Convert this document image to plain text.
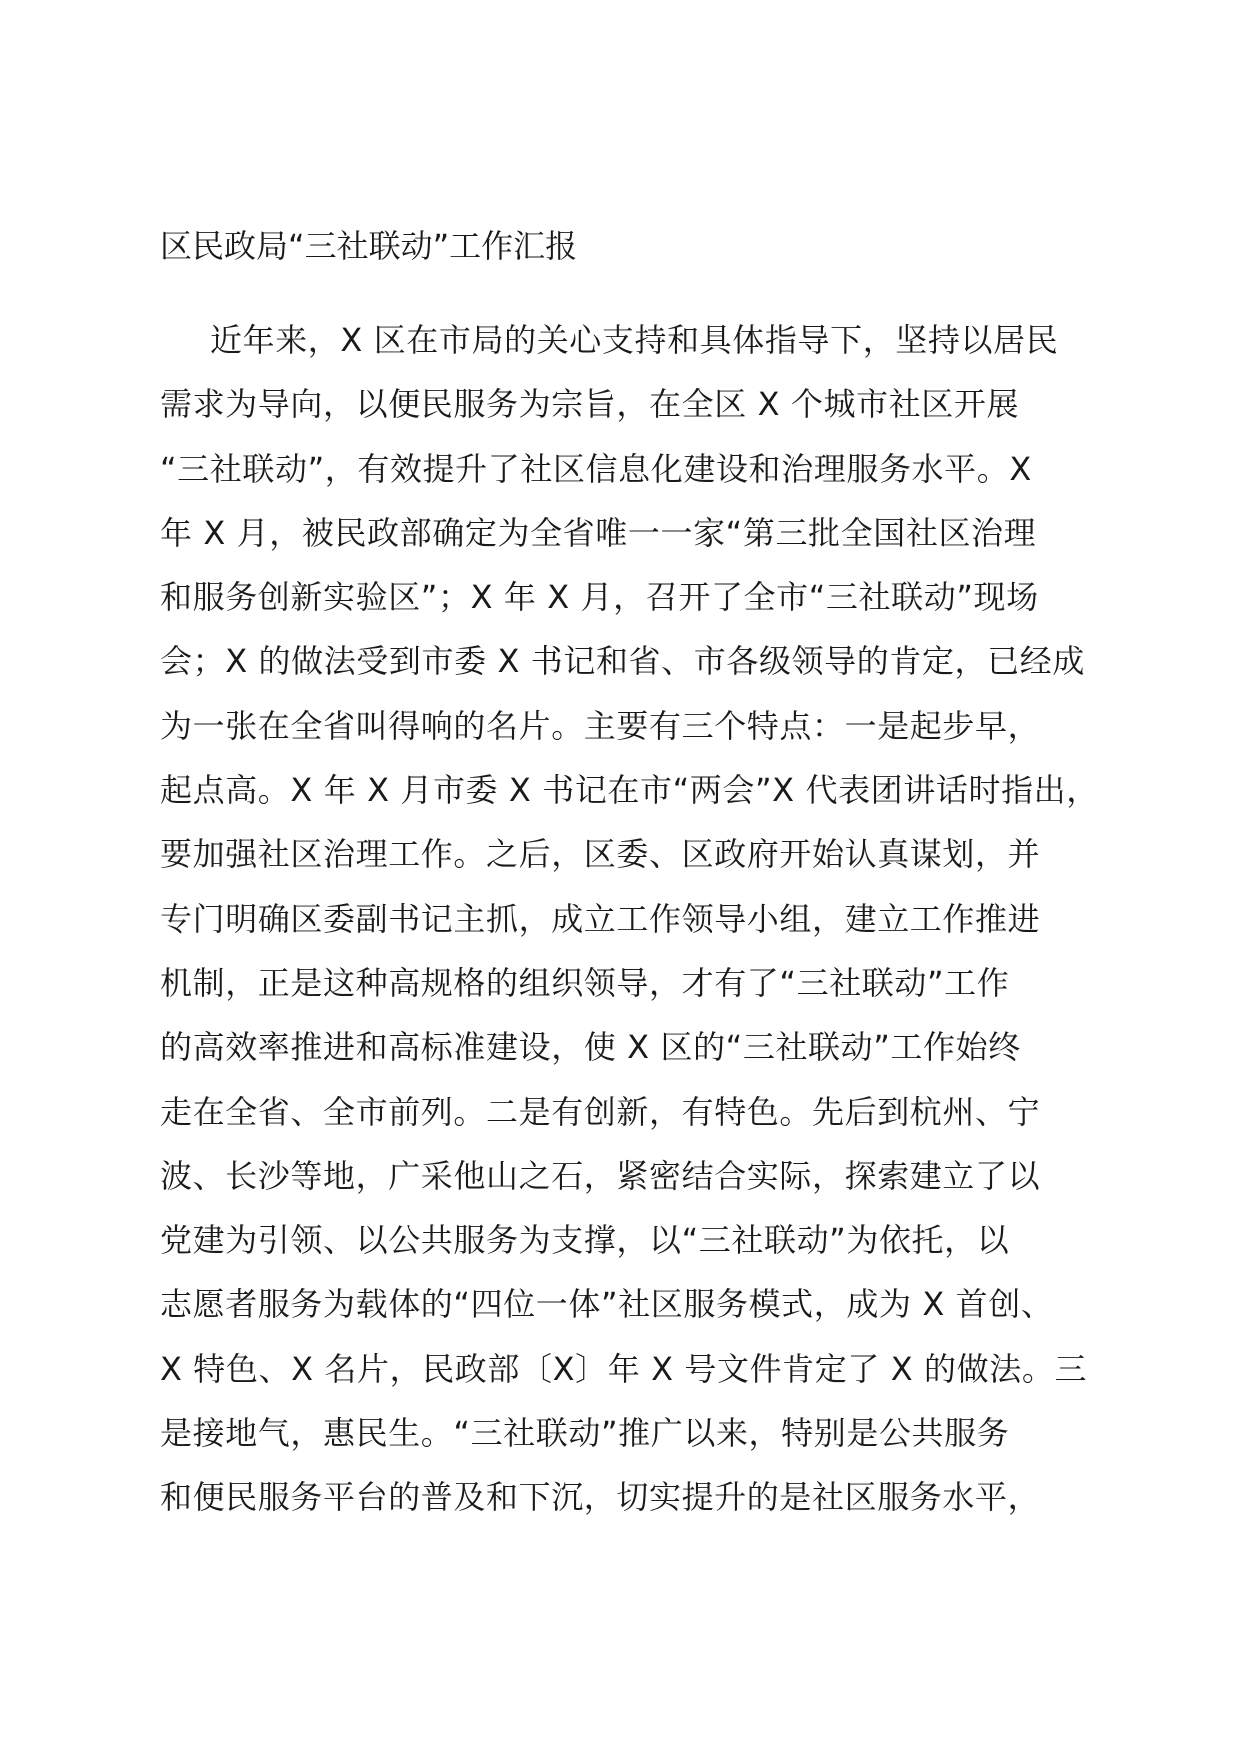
区民政局“三社联动”工作汇报
近年来，X 区在市局的关心支持和具体指导下，坚持以居民
需求为导向，以便民服务为宗旨，在全区 X 个城市社区开展
“三社联动”，有效提升了社区信息化建设和治理服务水平。X
年 X 月，被民政部确定为全省唯一一家“第三批全国社区治理
和服务创新实验区”；X 年 X 月，召开了全市“三社联动”现场
会；X 的做法受到市委 X 书记和省、市各级领导的肯定，已经成
为一张在全省叫得响的名片。主要有三个特点：一是起步早，
起点高。X 年 X 月市委 X 书记在市“两会”X 代表团讲话时指出，
要加强社区治理工作。之后，区委、区政府开始认真谋划，并
专门明确区委副书记主抓，成立工作领导小组，建立工作推进
机制，正是这种高规格的组织领导，才有了“三社联动”工作
的高效率推进和高标准建设，使 X 区的“三社联动”工作始终
走在全省、全市前列。二是有创新，有特色。先后到杭州、宁
波、长沙等地，广采他山之石，紧密结合实际，探索建立了以
党建为引领、以公共服务为支撑，以“三社联动”为依托，以
志愿者服务为载体的“四位一体”社区服务模式，成为 X 首创、
X 特色、X 名片，民政部〔X〕年 X 号文件肯定了 X 的做法。三
是接地气，惠民生。“三社联动”推广以来，特别是公共服务
和便民服务平台的普及和下沉，切实提升的是社区服务水平，
